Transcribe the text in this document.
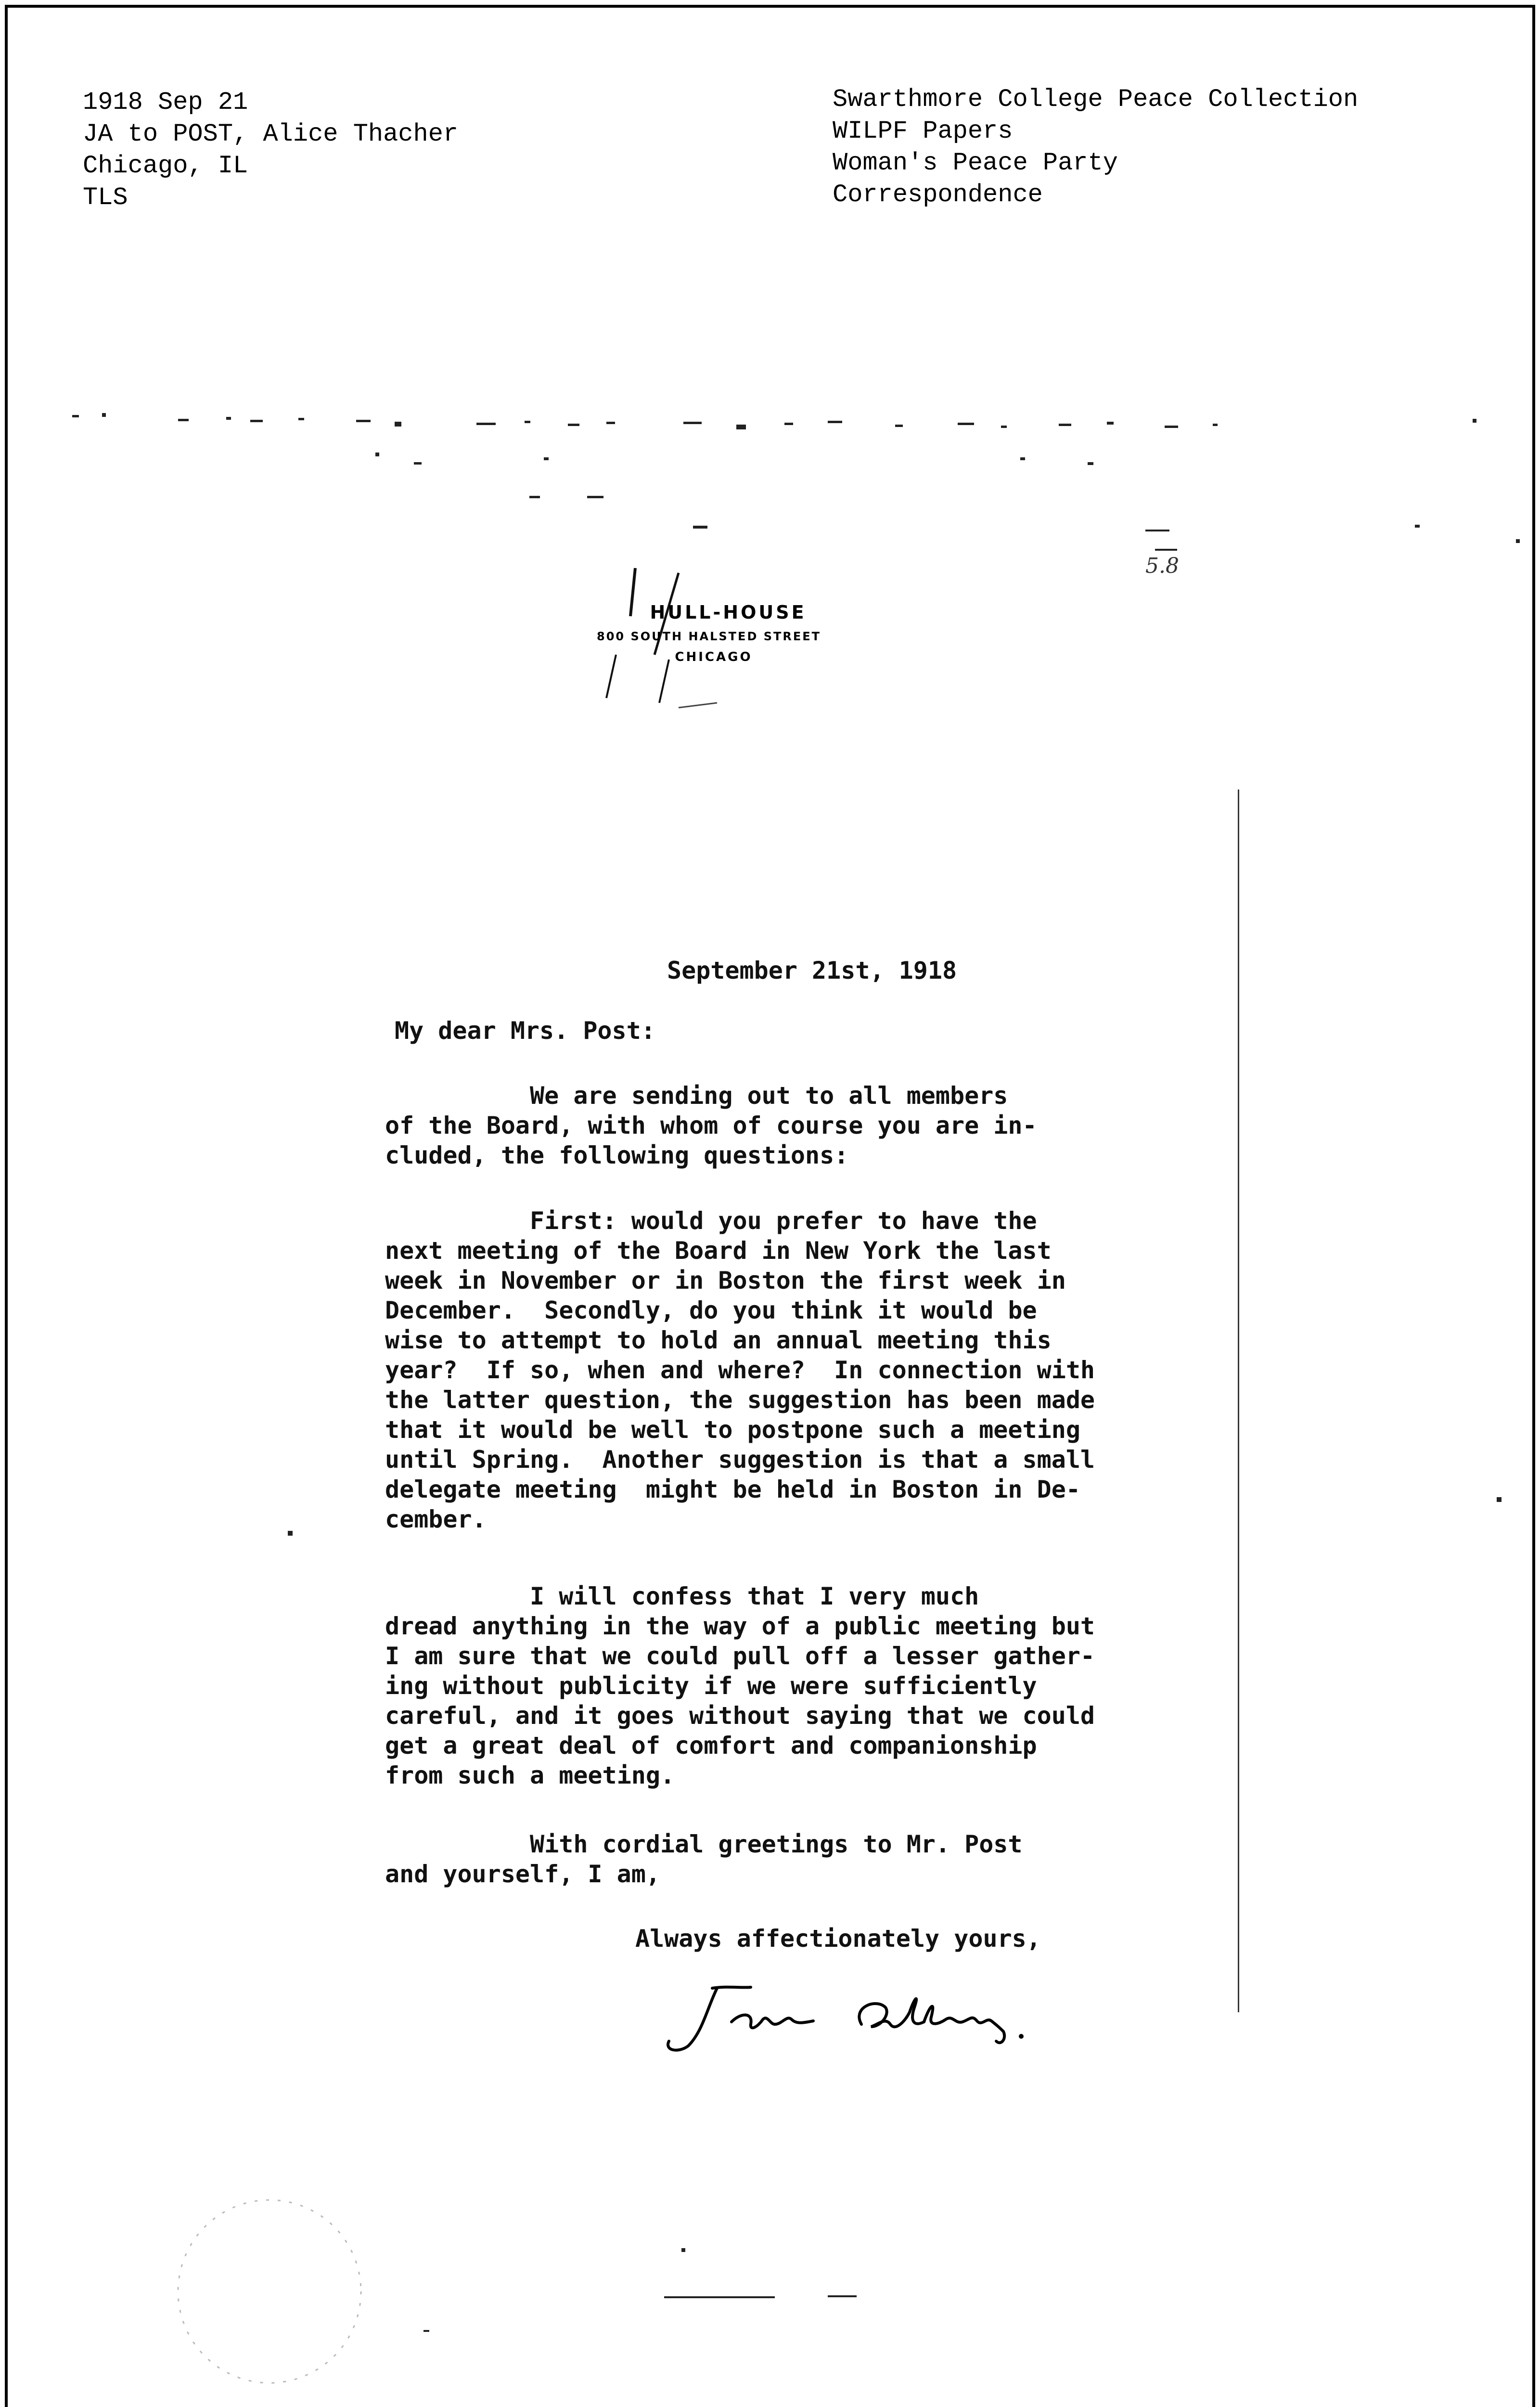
1918 Sep 21
JA to POST, Alice Thacher
Chicago, IL
TLS
Swarthmore College Peace Collection
WILPF Papers
Woman's Peace Party
Correspondence
5.8
HULL-HOUSE
800 SOUTH HALSTED STREET
CHICAGO
September 21st, 1918
My dear Mrs. Post:
We are sending out to all members
of the Board, with whom of course you are in-
cluded, the following questions:
First: would you prefer to have the
next meeting of the Board in New York the last
week in November or in Boston the first week in
December.  Secondly, do you think it would be
wise to attempt to hold an annual meeting this
year?  If so, when and where?  In connection with
the latter question, the suggestion has been made
that it would be well to postpone such a meeting
until Spring.  Another suggestion is that a small
delegate meeting  might be held in Boston in De-
cember.
I will confess that I very much
dread anything in the way of a public meeting but
I am sure that we could pull off a lesser gather-
ing without publicity if we were sufficiently
careful, and it goes without saying that we could
get a great deal of comfort and companionship
from such a meeting.
With cordial greetings to Mr. Post
and yourself, I am,
Always affectionately yours,
